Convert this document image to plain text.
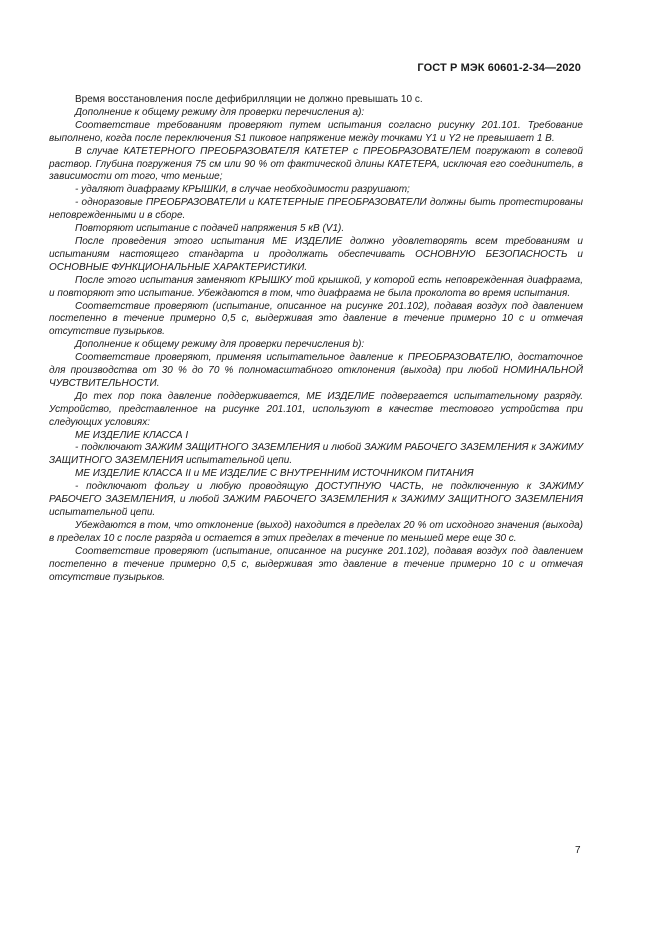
ГОСТ Р МЭК 60601-2-34—2020

Время восстановления после дефибрилляции не должно превышать 10 с.

Дополнение к общему режиму для проверки перечисления a):

Соответствие требованиям проверяют путем испытания согласно рисунку 201.101. Требование выполнено, когда после переключения S1 пиковое напряжение между точками Y1 и Y2 не превышает 1 В.

В случае КАТЕТЕРНОГО ПРЕОБРАЗОВАТЕЛЯ КАТЕТЕР с ПРЕОБРАЗОВАТЕЛЕМ погружают в солевой раствор. Глубина погружения 75 см или 90 % от фактической длины КАТЕТЕРА, исключая его соединитель, в зависимости от того, что меньше;

- удаляют диафрагму КРЫШКИ, в случае необходимости разрушают;

- одноразовые ПРЕОБРАЗОВАТЕЛИ и КАТЕТЕРНЫЕ ПРЕОБРАЗОВАТЕЛИ должны быть протестированы неповрежденными и в сборе.

Повторяют испытание с подачей напряжения 5 кВ (V1).

После проведения этого испытания МЕ ИЗДЕЛИЕ должно удовлетворять всем требованиям и испытаниям настоящего стандарта и продолжать обеспечивать ОСНОВНУЮ БЕЗОПАСНОСТЬ и ОСНОВНЫЕ ФУНКЦИОНАЛЬНЫЕ ХАРАКТЕРИСТИКИ.

После этого испытания заменяют КРЫШКУ той крышкой, у которой есть неповрежденная диафрагма, и повторяют это испытание. Убеждаются в том, что диафрагма не была проколота во время испытания.

Соответствие проверяют (испытание, описанное на рисунке 201.102), подавая воздух под давлением постепенно в течение примерно 0,5 с, выдерживая это давление в течение примерно 10 с и отмечая отсутствие пузырьков.

Дополнение к общему режиму для проверки перечисления b):

Соответствие проверяют, применяя испытательное давление к ПРЕОБРАЗОВАТЕЛЮ, достаточное для производства от 30 % до 70 % полномасштабного отклонения (выхода) при любой НОМИНАЛЬНОЙ ЧУВСТВИТЕЛЬНОСТИ.

До тех пор пока давление поддерживается, МЕ ИЗДЕЛИЕ подвергается испытательному разряду. Устройство, представленное на рисунке 201.101, используют в качестве тестового устройства при следующих условиях:

МЕ ИЗДЕЛИЕ КЛАССА I

- подключают ЗАЖИМ ЗАЩИТНОГО ЗАЗЕМЛЕНИЯ и любой ЗАЖИМ РАБОЧЕГО ЗАЗЕМЛЕНИЯ к ЗАЖИМУ ЗАЩИТНОГО ЗАЗЕМЛЕНИЯ испытательной цепи.

МЕ ИЗДЕЛИЕ КЛАССА II и МЕ ИЗДЕЛИЕ С ВНУТРЕННИМ ИСТОЧНИКОМ ПИТАНИЯ

- подключают фольгу и любую проводящую ДОСТУПНУЮ ЧАСТЬ, не подключенную к ЗАЖИМУ РАБОЧЕГО ЗАЗЕМЛЕНИЯ, и любой ЗАЖИМ РАБОЧЕГО ЗАЗЕМЛЕНИЯ к ЗАЖИМУ ЗАЩИТНОГО ЗАЗЕМЛЕНИЯ испытательной цепи.

Убеждаются в том, что отклонение (выход) находится в пределах 20 % от исходного значения (выхода) в пределах 10 с после разряда и остается в этих пределах в течение по меньшей мере еще 30 с.

Соответствие проверяют (испытание, описанное на рисунке 201.102), подавая воздух под давлением постепенно в течение примерно 0,5 с, выдерживая это давление в течение примерно 10 с и отмечая отсутствие пузырьков.

7
